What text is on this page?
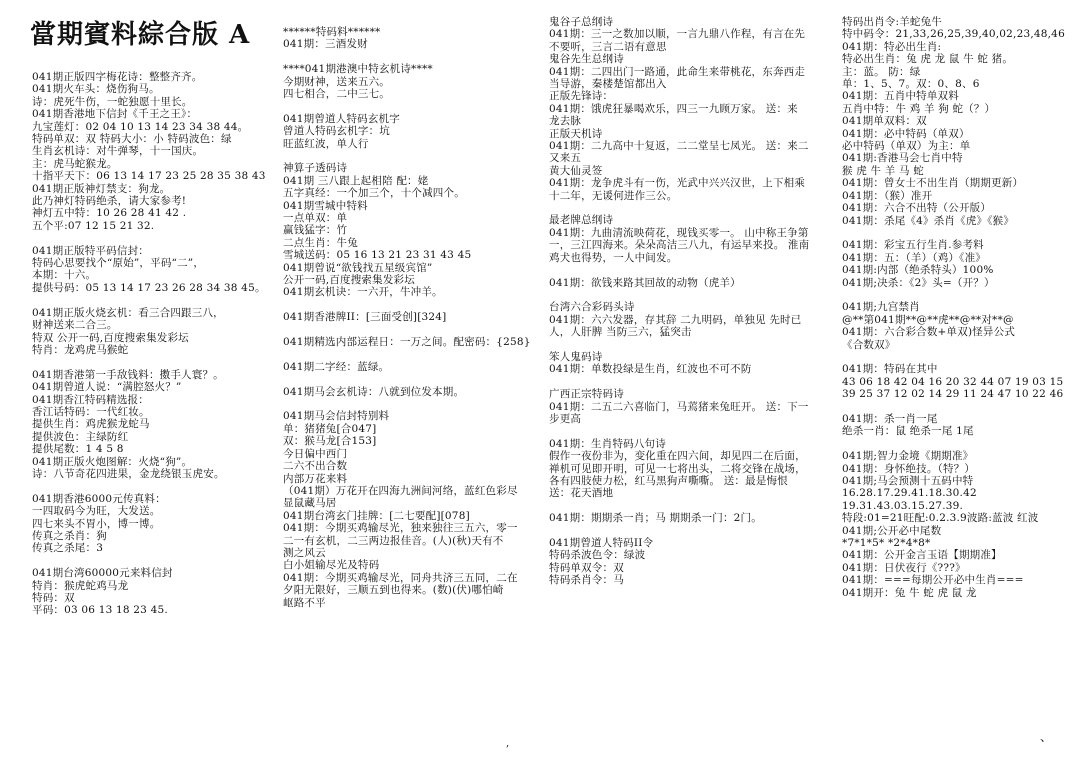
當期賓料綜合版 A
041期正版四字梅花诗：整整齐齐。
041期火车头：烧伤狗马。
诗：虎死牛伤，一蛇独愿十里长。
041期香港地下信封《千王之王》：
九宝莲灯：02 04 10 13 14 23 34 38 44。
特码单双：双 特码大小：小 特码波色：绿
生肖玄机诗：对牛弹琴，十一国庆。
主：虎马蛇猴龙。
十指平天下：06 13 14 17 23 25 28 35 38 43
041期正版神灯禁支：狗龙。
此乃神灯特码绝杀，请大家参考!
神灯五中特：10 26 28 41 42 .
五个平:07 12 15 21 32.
041期正版特平码信封：
特码心思要找个“原始”，平码“二”，
本期：十六。
提供号码：05 13 14 17 23 26 28 34 38 45。
041期正版火烧玄机：看三合四跟三八，
财神送来二合三。
特双 公开一码,百度搜索集发彩坛
特肖：龙鸡虎马猴蛇
041期香港第一手敌钱料：擞手人寰？。
041期曾道人说：“满腔怒火？”
041期香江特码精选报：
香江话特码：一代红妆。
提供生肖：鸡虎猴龙蛇马
提供波色：主绿防红
提供尾数：1 4 5 8
041期正版火炮图解：火烧“狗”。
诗：八节奇花四进果，金龙绕银玉虎安。
041期香港6000元传真料：
一四取码今为旺，大发送。
四七来头不胃小，博一博。
传真之杀肖：狗
传真之杀尾：3
041期台湾60000元来料信封
特肖：猴虎蛇鸡马龙
特码：双
平码：03 06 13 18 23 45.
******特码料******
041期：三酒发财
****041期港澳中特玄机诗****
今期财神，送来五六。
四七相合，二中三七。
041期曾道人特码玄机字
曾道人特码玄机字：坑
旺蓝红波，单人行
神算子透码诗
041期 三八跟上起相陪 配：姥
五字真经：一个加三个，十个减四个。
041期雪城中特料
一点单双：单
赢钱猛字：竹
二点生肖：牛兔
雪城送码：05 16 13 21 23 31 43 45
041期曾说“欲钱找五星级宾馆”
公开一码,百度搜索集发彩坛
041期玄机诀：一六开，牛冲羊。
041期香港牌II：[三面受创][324]
041期精选内部运程日：一万之间。配密码：{258}
041期二字经：蓝绿。
041期马会玄机诗：八就到位发本期。
041期马会信封特别料
单：猪猪兔[合047]
双：猴马龙[合153]
今日偏中西门
二六不出合数
内部万花来料
（041期）万花开在四海九洲间河络，蓝红色彩尽
显鼠藏马居
041期台湾玄门挂牌：[二七要配][078]
041期：今期买鸡输尽光，独来独往三五六，零一
二一有玄机，二三两边报佳音。(人)(秋)天有不
测之风云
白小姐输尽光及特码
041期：今期买鸡输尽光，同舟共济三五同，二在
夕阳无限好，三顺五到也得来。(数)(伏)哪怕崎
岖路不平
鬼谷子总纲诗
041期：三一之数加以顺，一言九鼎八作程，有言在先
不要听，三言二语有意思
鬼谷先生总纲诗
041期：二四出门一路通，此命生来带桃花，东奔西走
当导游，秦楼楚馆都出入
正版先锋诗：
041期：饿虎狂暴喝欢乐，四三一九顾万家。 送：来
龙去脉
正版天机诗
041期：二九高中十复返，二二堂呈七凤光。 送：来二
又来五
黄大仙灵签
041期：龙争虎斗有一伤，光武中兴兴汉世，上下相乘
十二年，无谖何进作三公。
最老牌总纲诗
041期：九曲清流映荷花，现钱买零一。 山中称王争第
一，三江四海来。朵朵高洁三八九，有运早来投。 淮南
鸡犬也得势，一人中间发。
041期：欲钱来路其回故的动物（虎羊）
台湾六合彩码头诗
041期：六六发器，存其辞 二九明码，单独见 先时已
人，人肝脾 当防三六，猛突击
笨人鬼码诗
041期：单数投绿是生肖，红波也不可不防
广西正宗特码诗
041期：二五二六喜临门，马蔫猪来兔旺开。 送：下一
步更高
041期：生肖特码八句诗
假作一夜份非为，变化重在四六间，却见四二在后面，
禅机可见即开明，可见一七将出头，二将交锋在战场，
各有四肢使力松，红马黑狗声嘶嘶。 送：最是悔恨
送：花天酒地
041期：期期杀一肖；马 期期杀一门：2门。
041期曾道人特码II令
特码杀波色令：绿波
特码单双令：双
特码杀肖令：马
特码出肖令:羊蛇兔牛
特中码令：21,33,26,25,39,40,02,23,48,46
041期：特必出生肖:
特必出生肖：兔 虎 龙 鼠 牛 蛇 猪。
主：蓝。 防：绿
单：1、5、7。双：0、8、6
041期：五肖中特单双料
五肖中特：牛 鸡 羊 狗 蛇（？）
041期单双料：双
041期：必中特码（单双）
必中特码（单双）为主：单
041期:香港马会七肖中特
猴 虎 牛 羊 马 蛇
041期：曾女士不出生肖（期期更新）
041期：（猴）准开
041期：六合不出特（公开版）
041期：杀尾《4》杀肖《虎》《猴》
041期：彩宝五行生肖.参考料
041期：五：（羊）（鸡）《准》
041期:内部（绝杀特头）100%
041期;决杀：《2》头=（开？）
041期;九宫禁肖
@**第041期**@**虎**@**对**@
041期：六合彩合数+单双)怪异公式
《合数双》
041期：特码在其中
43 06 18 42 04 16 20 32 44 07 19 03 15
39 25 37 12 02 14 29 11 24 47 10 22 46
041期：杀一肖一尾
绝杀一肖：鼠 绝杀一尾 1尾
041期;智力金境《期期准》
041期：身怀绝技。（特？）
041期;马会预测十五码中特
16.28.17.29.41.18.30.42
19.31.43.03.15.27.39.
特段:01=21旺配:0.2.3.9波路:蓝波 红波
041期;公开必中尾数
*7*1*5* *2*4*8*
041期：公开金言玉语【期期准】
041期：日伏夜行《???》
041期：===每期公开必中生肖===
041期开：兔 牛 蛇 虎 鼠 龙
,	、
